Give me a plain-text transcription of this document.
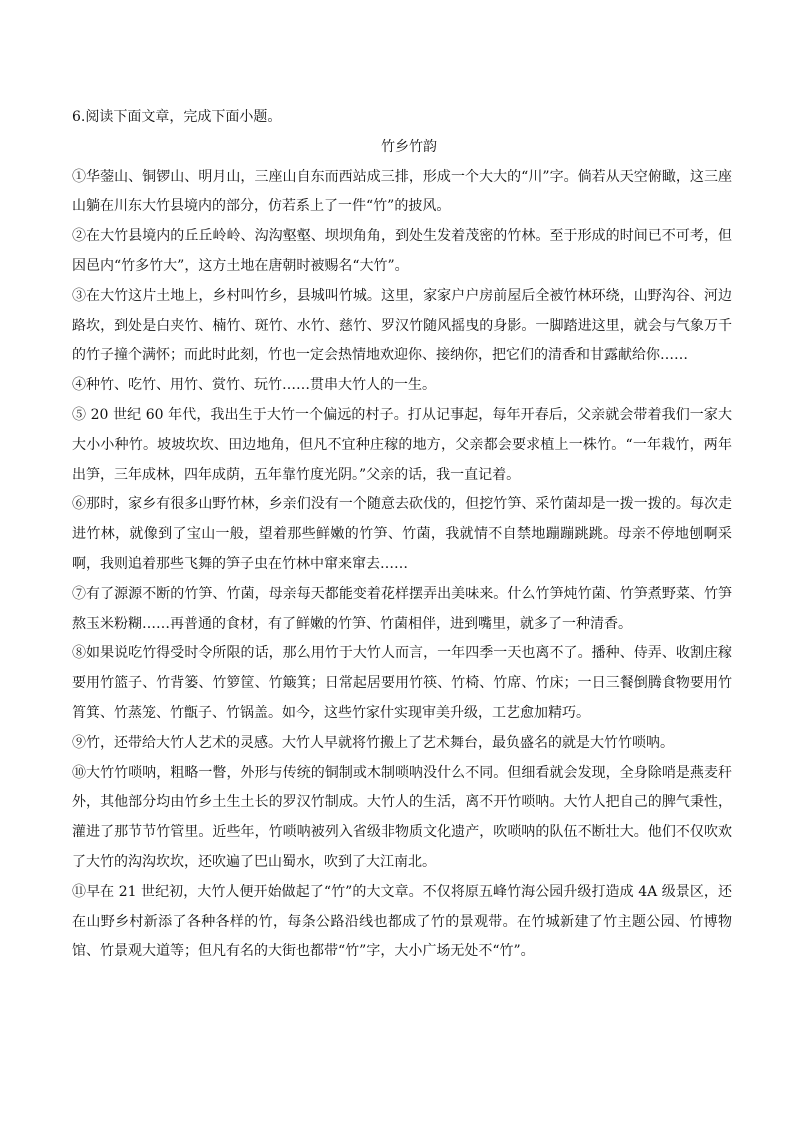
6.阅读下面文章，完成下面小题。

竹乡竹韵

①华蓥山、铜锣山、明月山，三座山自东而西站成三排，形成一个大大的“川”字。倘若从天空俯瞰，这三座山躺在川东大竹县境内的部分，仿若系上了一件“竹”的披风。

②在大竹县境内的丘丘岭岭、沟沟壑壑、坝坝角角，到处生发着茂密的竹林。至于形成的时间已不可考，但因邑内“竹多竹大”，这方土地在唐朝时被赐名“大竹”。

③在大竹这片土地上，乡村叫竹乡，县城叫竹城。这里，家家户户房前屋后全被竹林环绕，山野沟谷、河边路坎，到处是白夹竹、楠竹、斑竹、水竹、慈竹、罗汉竹随风摇曳的身影。一脚踏进这里，就会与气象万千的竹子撞个满怀；而此时此刻，竹也一定会热情地欢迎你、接纳你，把它们的清香和甘露献给你……

④种竹、吃竹、用竹、赏竹、玩竹……贯串大竹人的一生。

⑤ 20 世纪 60 年代，我出生于大竹一个偏远的村子。打从记事起，每年开春后，父亲就会带着我们一家大大小小种竹。坡坡坎坎、田边地角，但凡不宜种庄稼的地方，父亲都会要求植上一株竹。“一年栽竹，两年出笋，三年成林，四年成荫，五年靠竹度光阴。”父亲的话，我一直记着。

⑥那时，家乡有很多山野竹林，乡亲们没有一个随意去砍伐的，但挖竹笋、采竹菌却是一拨一拨的。每次走进竹林，就像到了宝山一般，望着那些鲜嫩的竹笋、竹菌，我就情不自禁地蹦蹦跳跳。母亲不停地刨啊采啊，我则追着那些飞舞的笋子虫在竹林中窜来窜去……

⑦有了源源不断的竹笋、竹菌，母亲每天都能变着花样摆弄出美味来。什么竹笋炖竹菌、竹笋煮野菜、竹笋熬玉米粉糊……再普通的食材，有了鲜嫩的竹笋、竹菌相伴，进到嘴里，就多了一种清香。

⑧如果说吃竹得受时令所限的话，那么用竹于大竹人而言，一年四季一天也离不了。播种、侍弄、收割庄稼要用竹篮子、竹背篓、竹箩筐、竹簸箕；日常起居要用竹筷、竹椅、竹席、竹床；一日三餐倒腾食物要用竹筲箕、竹蒸笼、竹甑子、竹锅盖。如今，这些竹家什实现审美升级，工艺愈加精巧。

⑨竹，还带给大竹人艺术的灵感。大竹人早就将竹搬上了艺术舞台，最负盛名的就是大竹竹唢呐。

⑩大竹竹唢呐，粗略一瞥，外形与传统的铜制或木制唢呐没什么不同。但细看就会发现，全身除哨是燕麦秆外，其他部分均由竹乡土生土长的罗汉竹制成。大竹人的生活，离不开竹唢呐。大竹人把自己的脾气秉性，灌进了那节节竹管里。近些年，竹唢呐被列入省级非物质文化遗产，吹唢呐的队伍不断壮大。他们不仅吹欢了大竹的沟沟坎坎，还吹遍了巴山蜀水，吹到了大江南北。

⑪早在 21 世纪初，大竹人便开始做起了“竹”的大文章。不仅将原五峰竹海公园升级打造成 4A 级景区，还在山野乡村新添了各种各样的竹，每条公路沿线也都成了竹的景观带。在竹城新建了竹主题公园、竹博物馆、竹景观大道等；但凡有名的大街也都带“竹”字，大小广场无处不“竹”。
